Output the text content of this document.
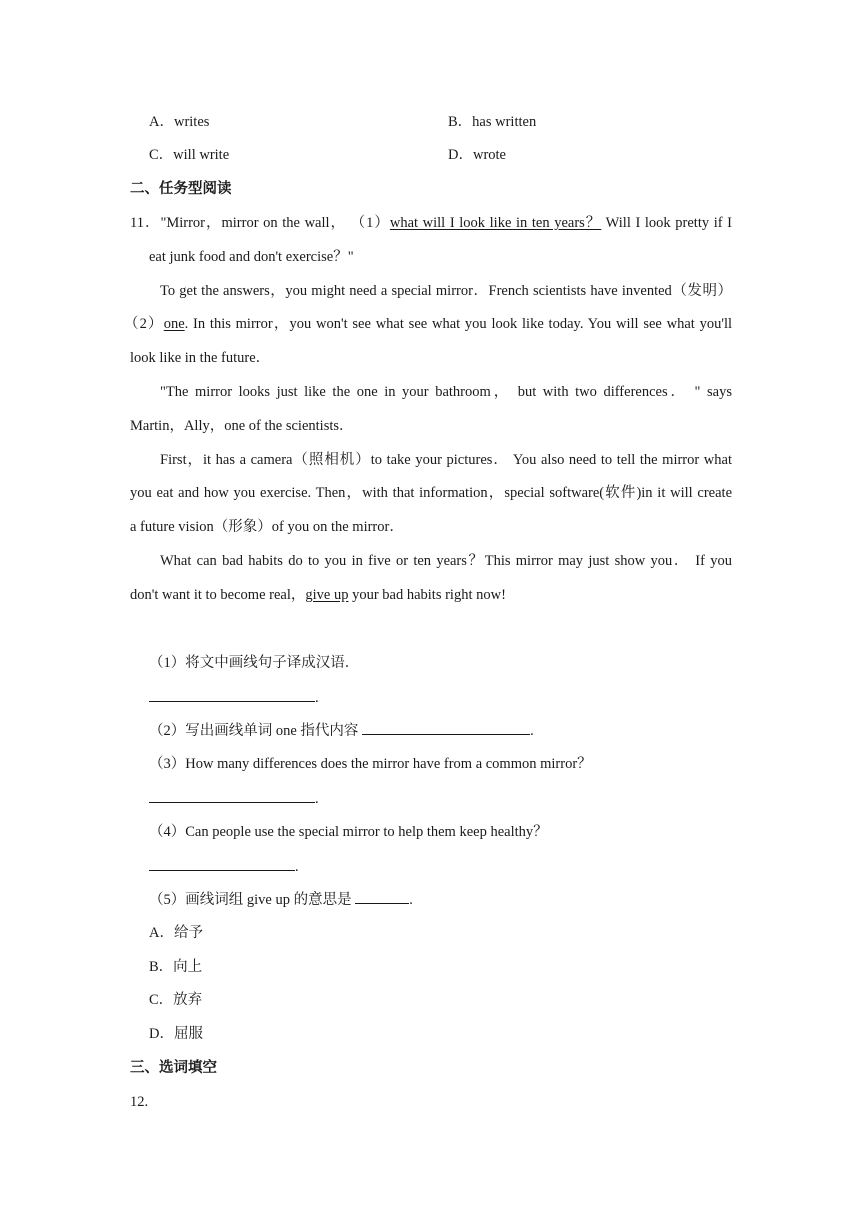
A．writes	B．has written
C．will write	D．wrote
二、任务型阅读
11．"Mirror，mirror on the wall， （1）what will I look like in ten years？ Will I look pretty if I
eat junk food and don't exercise？"
To get the answers，you might need a special mirror．French scientists have invented（发明）
（2）one. In this mirror，you won't see what see what you look like today. You will see what you'll
look like in the future．
"The mirror looks just like the one in your bathroom， but with two differences． " says
Martin，Ally，one of the scientists．
First，it has a camera（照相机）to take your pictures． You also need to tell the mirror what
you eat and how you exercise. Then，with that information，special software(软件)in it will create
a future vision（形象）of you on the mirror．
What can bad habits do to you in five or ten years？This mirror may just show you． If you
don't want it to become real，give up your bad habits right now!
（1）将文中画线句子译成汉语．
.
（2）写出画线单词 one 指代内容	.
（3）How many differences does the mirror have from a common mirror？
.
（4）Can people use the special mirror to help them keep healthy？
.
（5）画线词组 give up 的意思是	.
A．给予
B．向上
C．放弃
D．屈服
三、选词填空
12.
